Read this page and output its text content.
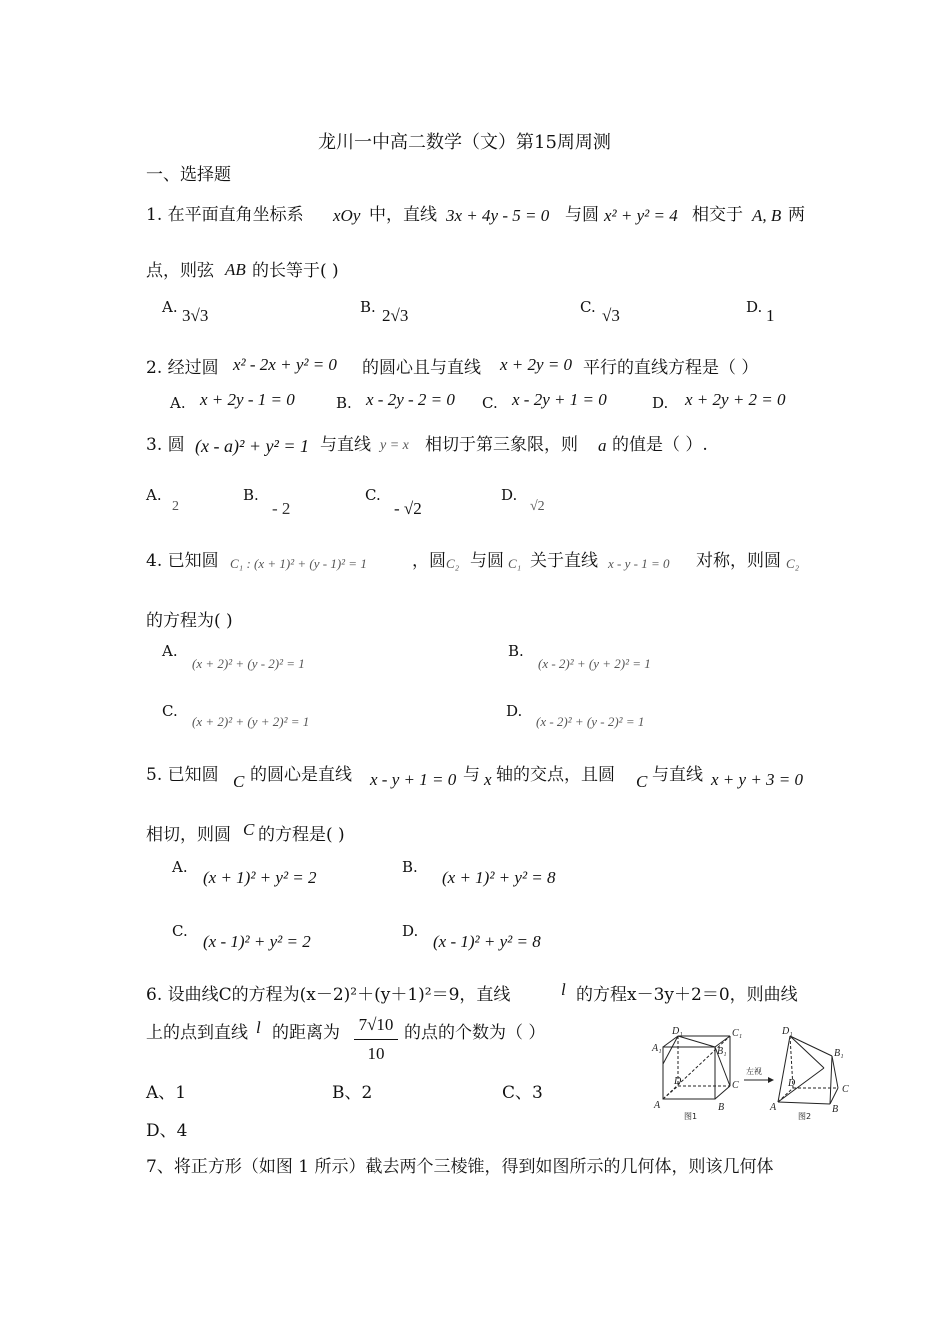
龙川一中高二数学（文）第15周周测
一、选择题
1. 在平面直角坐标系 xOy 中，直线 3x + 4y - 5 = 0 与圆 x² + y² = 4 相交于 A, B 两
点，则弦 AB 的长等于( )
A. 3√3	B. 2√3	C. √3	D. 1
2. 经过圆 x² - 2x + y² = 0 的圆心且与直线 x + 2y = 0 平行的直线方程是（ ）
A. x + 2y - 1 = 0	B. x - 2y - 2 = 0 C. x - 2y + 1 = 0	D. x + 2y + 2 = 0
3. 圆 (x - a)² + y² = 1 与直线 y = x 相切于第三象限，则 a 的值是（ ）.
A.
2
B.
- 2
C.
- √2
D.
√2
4. 已知圆 C₁ : (x + 1)² + (y - 1)² = 1	，圆 C₂ 与圆 C₁ 关于直线 x - y - 1 = 0 对称，则圆 C₂
的方程为( )
A.
(x + 2)² + (y - 2)² = 1
B.
(x - 2)² + (y + 2)² = 1
C.
(x + 2)² + (y + 2)² = 1
D.
(x - 2)² + (y - 2)² = 1
5. 已知圆 C 的圆心是直线 x - y + 1 = 0 与 x 轴的交点，且圆 C 与直线 x + y + 3 = 0
相切，则圆 C 的方程是( )
A.
(x + 1)² + y² = 2
B.
(x + 1)² + y² = 8
C.
(x - 1)² + y² = 2
D.
(x - 1)² + y² = 8
6. 设曲线C的方程为(x－2)²＋(y＋1)²＝9，直线	l 的方程x－3y＋2＝0，则曲线
上的点到直线 l 的距离为	7√10
10
的点的个数为（ ）
A、1	B、2	C、3
D、4
7、将正方形（如图 1 所示）截去两个三棱锥，得到如图所示的几何体，则该几何体
D₁	C₁
A₁	B₁
D	C
A	B
图1
左视
D₁
B₁
D
C
A	B
图2
